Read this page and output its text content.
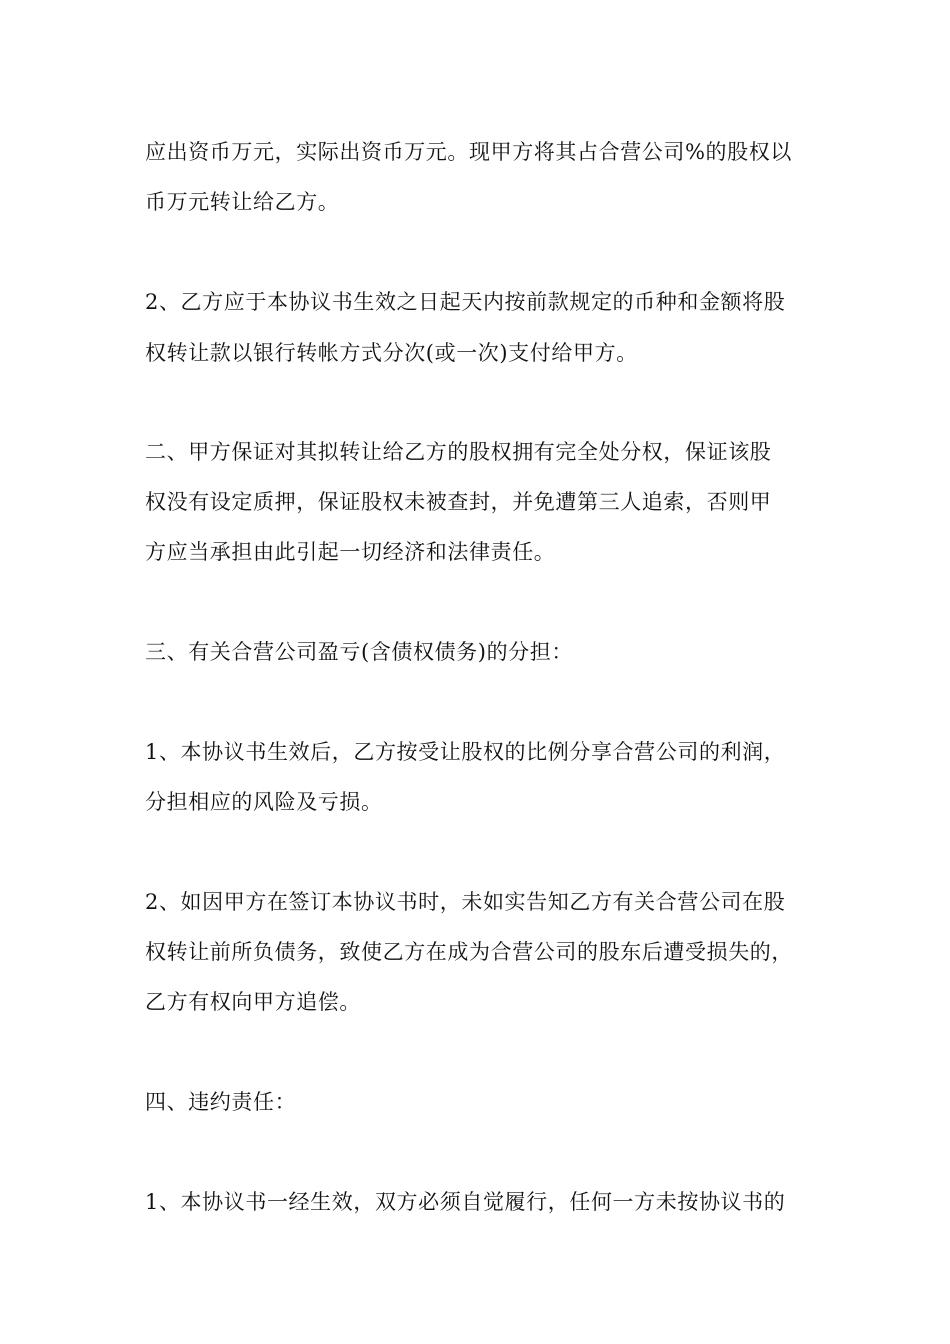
应出资币万元，实际出资币万元。现甲方将其占合营公司%的股权以
币万元转让给乙方。
2、乙方应于本协议书生效之日起天内按前款规定的币种和金额将股
权转让款以银行转帐方式分次(或一次)支付给甲方。
二、甲方保证对其拟转让给乙方的股权拥有完全处分权，保证该股
权没有设定质押，保证股权未被查封，并免遭第三人追索，否则甲
方应当承担由此引起一切经济和法律责任。
三、有关合营公司盈亏(含债权债务)的分担：
1、本协议书生效后，乙方按受让股权的比例分享合营公司的利润，
分担相应的风险及亏损。
2、如因甲方在签订本协议书时，未如实告知乙方有关合营公司在股
权转让前所负债务，致使乙方在成为合营公司的股东后遭受损失的，
乙方有权向甲方追偿。
四、违约责任：
1、本协议书一经生效，双方必须自觉履行，任何一方未按协议书的
